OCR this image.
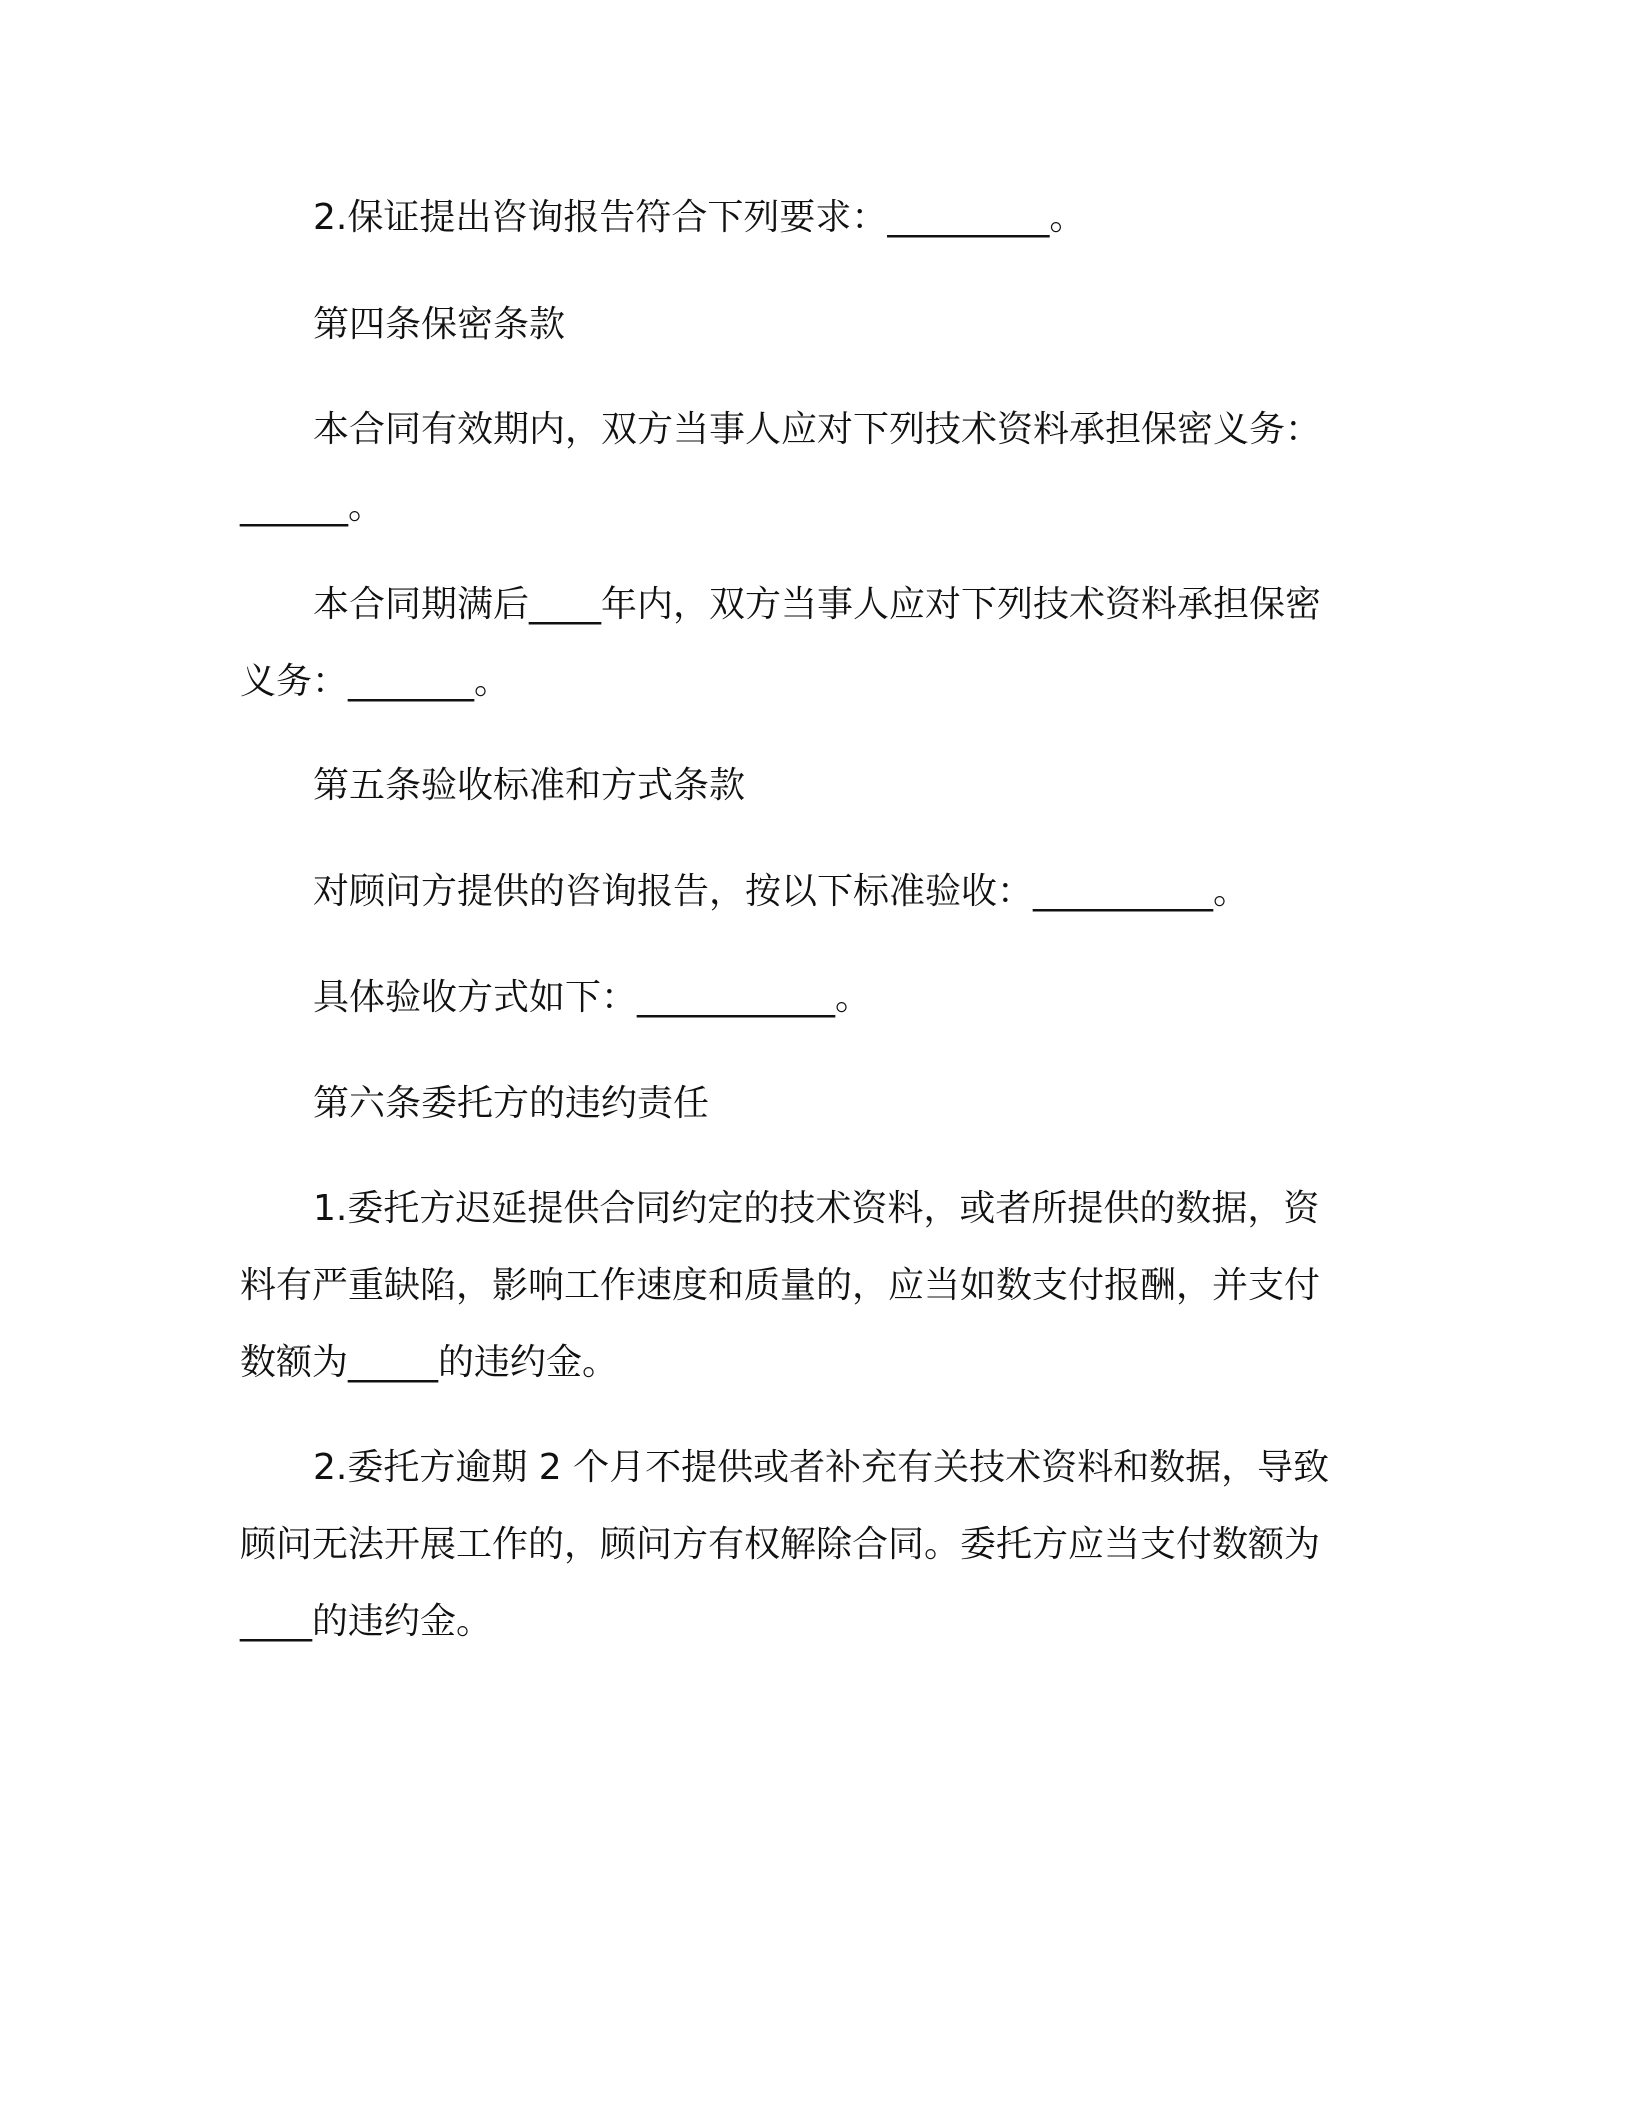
2.保证提出咨询报告符合下列要求：_________。
第四条保密条款
本合同有效期内，双方当事人应对下列技术资料承担保密义务：
______。
本合同期满后____年内，双方当事人应对下列技术资料承担保密
义务：_______。
第五条验收标准和方式条款
对顾问方提供的咨询报告，按以下标准验收：__________。
具体验收方式如下：___________。
第六条委托方的违约责任
1.委托方迟延提供合同约定的技术资料，或者所提供的数据，资
料有严重缺陷，影响工作速度和质量的，应当如数支付报酬，并支付
数额为_____的违约金。
2.委托方逾期 2 个月不提供或者补充有关技术资料和数据，导致
顾问无法开展工作的，顾问方有权解除合同。委托方应当支付数额为
____的违约金。
